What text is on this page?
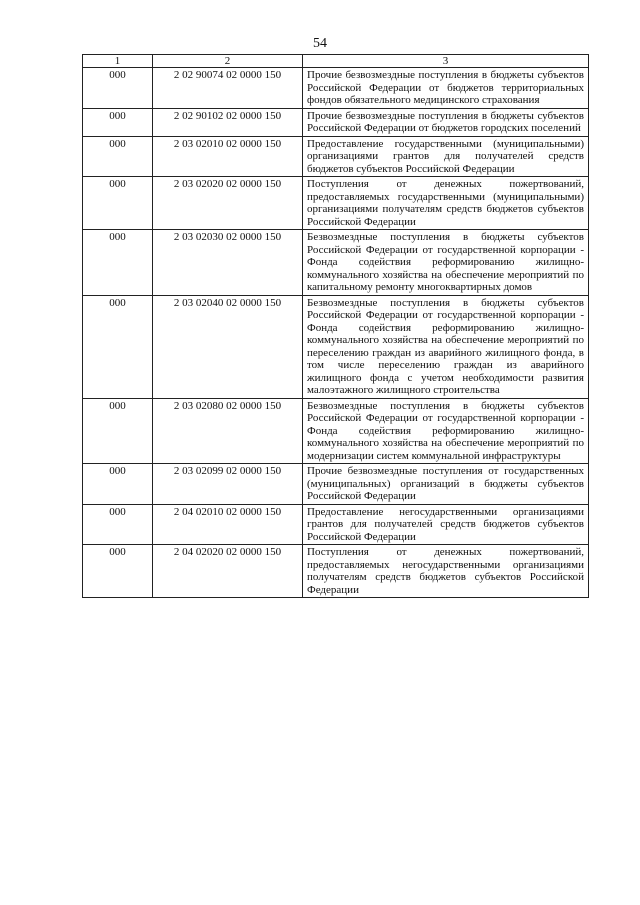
54
1	2	3
000	2 02 90074 02 0000 150	Прочие безвозмездные поступления в бюджеты субъектов Российской Федерации от бюджетов территориальных фондов обязательного медицинского страхования
000	2 02 90102 02 0000 150	Прочие безвозмездные поступления в бюджеты субъектов Российской Федерации от бюджетов городских поселений
000	2 03 02010 02 0000 150	Предоставление государственными (муниципальными) организациями грантов для получателей средств бюджетов субъектов Российской Федерации
000	2 03 02020 02 0000 150	Поступления от денежных пожертвований, предоставляемых государственными (муниципальными) организациями получателям средств бюджетов субъектов Российской Федерации
000	2 03 02030 02 0000 150	Безвозмездные поступления в бюджеты субъектов Российской Федерации от государственной корпорации - Фонда содействия реформированию жилищно-коммунального хозяйства на обеспечение мероприятий по капитальному ремонту многоквартирных домов
000	2 03 02040 02 0000 150	Безвозмездные поступления в бюджеты субъектов Российской Федерации от государственной корпорации - Фонда содействия реформированию жилищно-коммунального хозяйства на обеспечение мероприятий по переселению граждан из аварийного жилищного фонда, в том числе переселению граждан из аварийного жилищного фонда с учетом необходимости развития малоэтажного жилищного строительства
000	2 03 02080 02 0000 150	Безвозмездные поступления в бюджеты субъектов Российской Федерации от государственной корпорации - Фонда содействия реформированию жилищно-коммунального хозяйства на обеспечение мероприятий по модернизации систем коммунальной инфраструктуры
000	2 03 02099 02 0000 150	Прочие безвозмездные поступления от государственных (муниципальных) организаций в бюджеты субъектов Российской Федерации
000	2 04 02010 02 0000 150	Предоставление негосударственными организациями грантов для получателей средств бюджетов субъектов Российской Федерации
000	2 04 02020 02 0000 150	Поступления от денежных пожертвований, предоставляемых негосударственными организациями получателям средств бюджетов субъектов Российской Федерации
